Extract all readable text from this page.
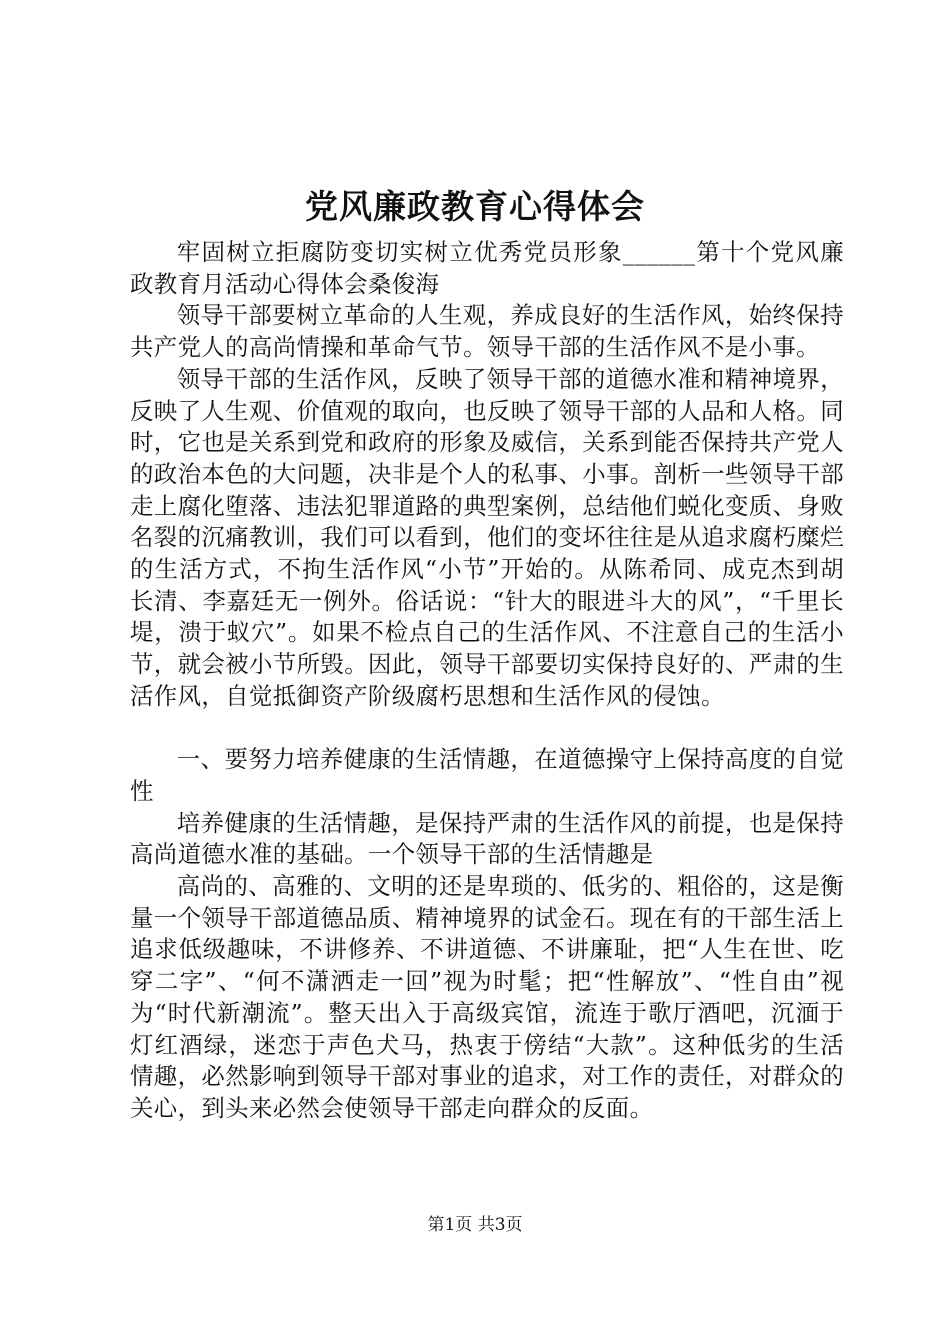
党风廉政教育心得体会

牢固树立拒腐防变切实树立优秀党员形象______第十个党风廉政教育月活动心得体会桑俊海

领导干部要树立革命的人生观，养成良好的生活作风，始终保持共产党人的高尚情操和革命气节。领导干部的生活作风不是小事。

领导干部的生活作风，反映了领导干部的道德水准和精神境界，反映了人生观、价值观的取向，也反映了领导干部的人品和人格。同时，它也是关系到党和政府的形象及威信，关系到能否保持共产党人的政治本色的大问题，决非是个人的私事、小事。剖析一些领导干部走上腐化堕落、违法犯罪道路的典型案例，总结他们蜕化变质、身败名裂的沉痛教训，我们可以看到，他们的变坏往往是从追求腐朽糜烂的生活方式，不拘生活作风“小节”开始的。从陈希同、成克杰到胡长清、李嘉廷无一例外。俗话说：“针大的眼进斗大的风”，“千里长堤，溃于蚁穴”。如果不检点自己的生活作风、不注意自己的生活小节，就会被小节所毁。因此，领导干部要切实保持良好的、严肃的生活作风，自觉抵御资产阶级腐朽思想和生活作风的侵蚀。

一、要努力培养健康的生活情趣，在道德操守上保持高度的自觉性

培养健康的生活情趣，是保持严肃的生活作风的前提，也是保持高尚道德水准的基础。一个领导干部的生活情趣是

高尚的、高雅的、文明的还是卑琐的、低劣的、粗俗的，这是衡量一个领导干部道德品质、精神境界的试金石。现在有的干部生活上追求低级趣味，不讲修养、不讲道德、不讲廉耻，把“人生在世、吃穿二字”、“何不潇洒走一回”视为时髦；把“性解放”、“性自由”视为“时代新潮流”。整天出入于高级宾馆，流连于歌厅酒吧，沉湎于灯红酒绿，迷恋于声色犬马，热衷于傍结“大款”。这种低劣的生活情趣，必然影响到领导干部对事业的追求，对工作的责任，对群众的关心，到头来必然会使领导干部走向群众的反面。

第1页 共3页
